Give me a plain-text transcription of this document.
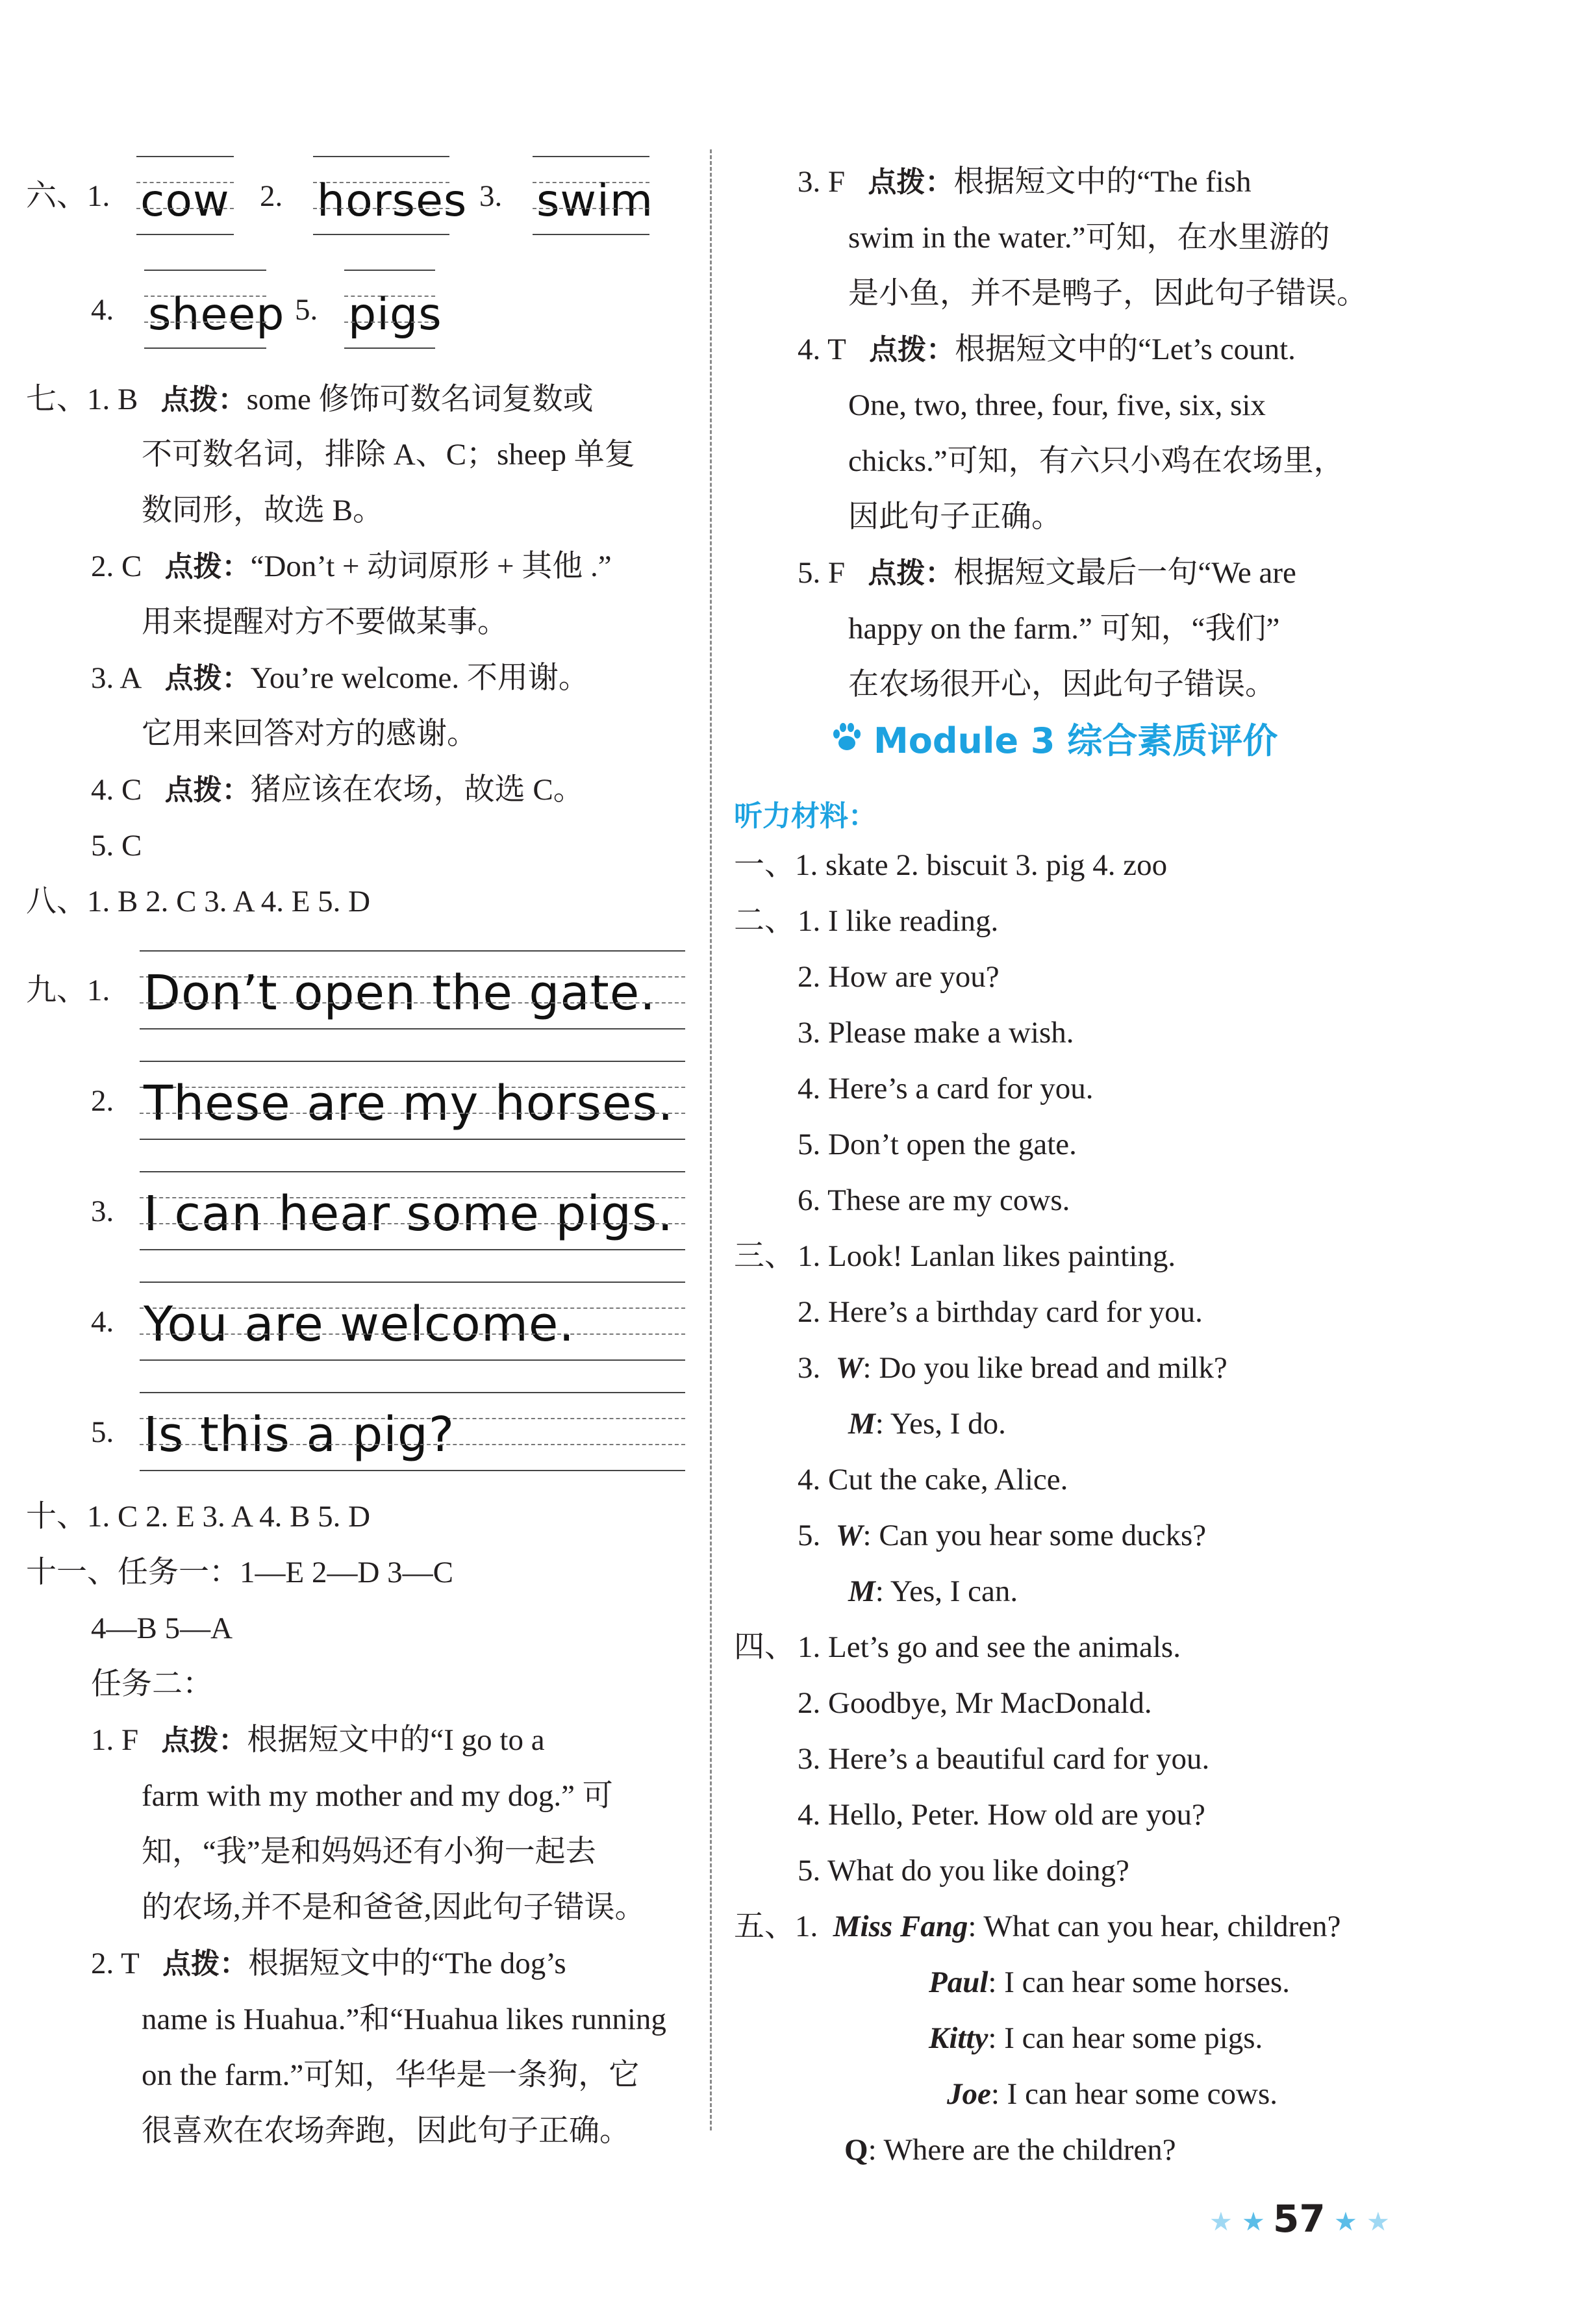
六、1. cow 2. horses 3. swim
4. sheep 5. pigs
七、1. B 点拨：some 修饰可数名词复数或
不可数名词，排除 A、C；sheep 单复
数同形，故选 B。
2. C 点拨：“Don’t + 动词原形 + 其他 .”
用来提醒对方不要做某事。
3. A 点拨：You’re welcome. 不用谢。
它用来回答对方的感谢。
4. C 点拨：猪应该在农场，故选 C。
5. C
八、1. B 2. C 3. A 4. E 5. D
九、1. Don’t open the gate.
2. These are my horses.
3. I can hear some pigs.
4. You are welcome.
5. Is this a pig?
十、1. C 2. E 3. A 4. B 5. D
十一、任务一：1—E 2—D 3—C
4—B 5—A
任务二：
1. F 点拨：根据短文中的“I go to a
farm with my mother and my dog.” 可
知，“我”是和妈妈还有小狗一起去
的农场,并不是和爸爸,因此句子错误。
2. T 点拨：根据短文中的“The dog’s
name is Huahua.”和“Huahua likes running
on the farm.”可知，华华是一条狗，它
很喜欢在农场奔跑，因此句子正确。
3. F 点拨：根据短文中的“The fish
swim in the water.”可知，在水里游的
是小鱼，并不是鸭子，因此句子错误。
4. T 点拨：根据短文中的“Let’s count.
One, two, three, four, five, six, six
chicks.”可知，有六只小鸡在农场里，
因此句子正确。
5. F 点拨：根据短文最后一句“We are
happy on the farm.” 可知，“我们”
在农场很开心，因此句子错误。
Module 3 综合素质评价
听力材料：
一、1. skate 2. biscuit 3. pig 4. zoo
二、 1. I like reading.
2. How are you?
3. Please make a wish.
4. Here’s a card for you.
5. Don’t open the gate.
6. These are my cows.
三、 1. Look! Lanlan likes painting.
2. Here’s a birthday card for you.
3. W: Do you like bread and milk?
M: Yes, I do.
4. Cut the cake, Alice.
5. W: Can you hear some ducks?
M: Yes, I can.
四、 1. Let’s go and see the animals.
2. Goodbye, Mr MacDonald.
3. Here’s a beautiful card for you.
4. Hello, Peter. How old are you?
5. What do you like doing?
五、1. Miss Fang: What can you hear, children?
Paul: I can hear some horses.
Kitty: I can hear some pigs.
Joe: I can hear some cows.
Q: Where are the children?
★ ★ 57 ★ ★
